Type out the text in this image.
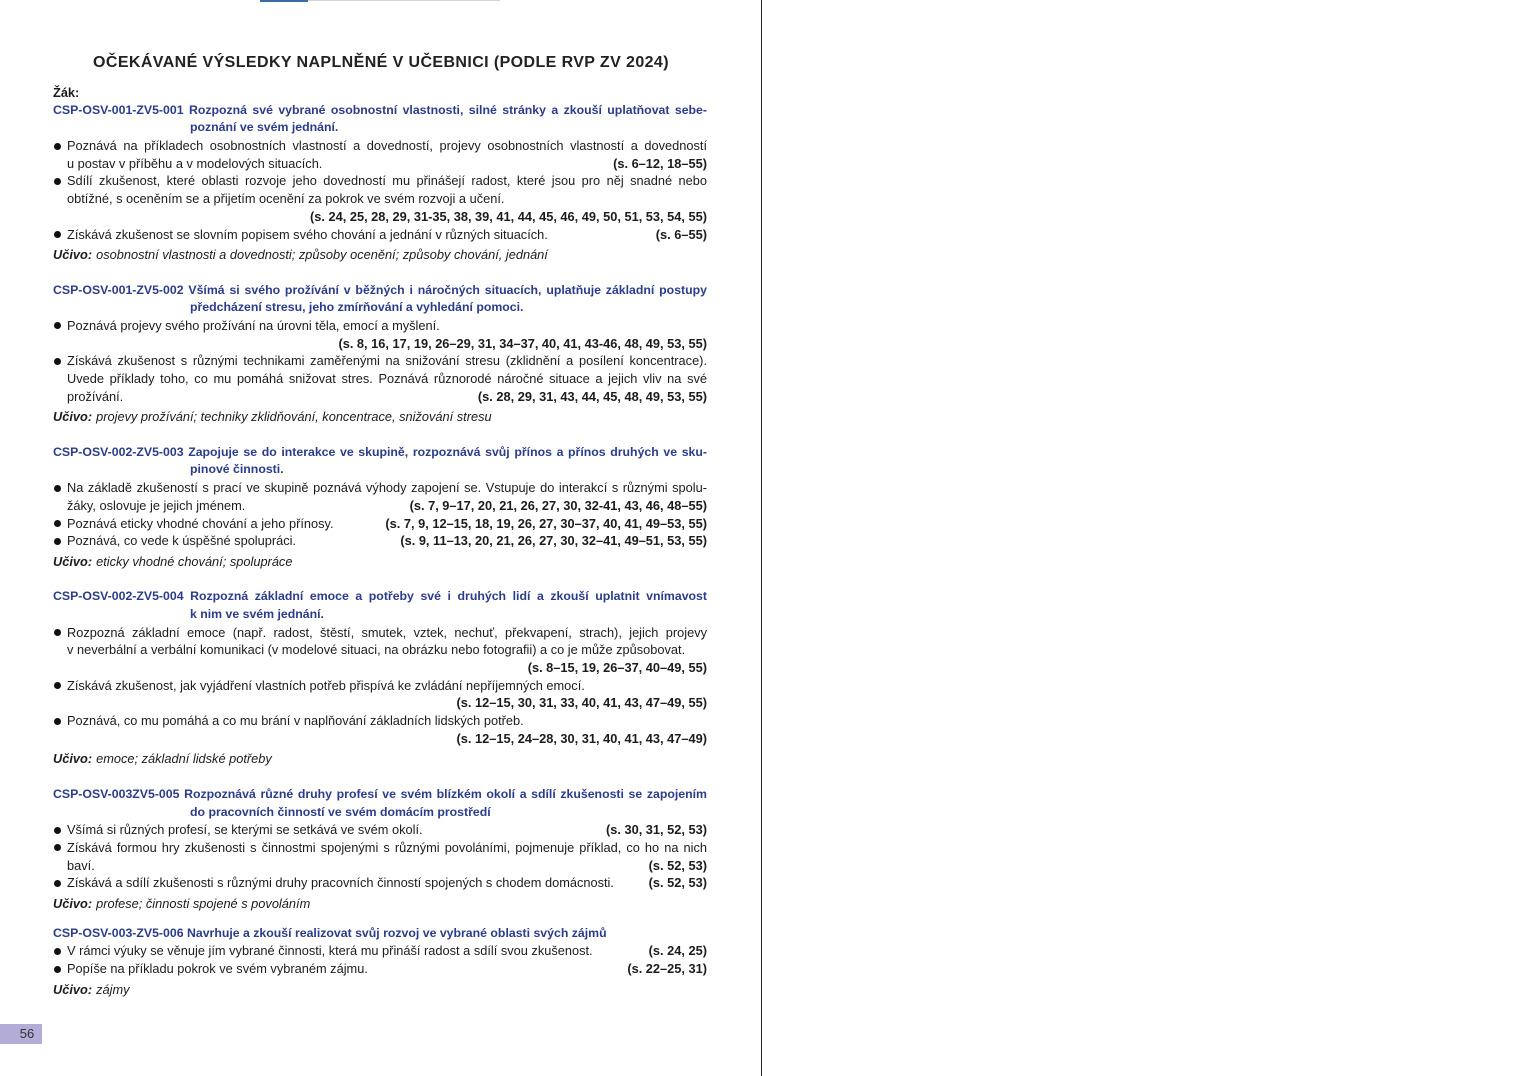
OČEKÁVANÉ VÝSLEDKY NAPLNĚNÉ V UČEBNICI (PODLE RVP ZV 2024)
Žák:
CSP-OSV-001-ZV5-001 Rozpozná své vybrané osobnostní vlastnosti, silné stránky a zkouší uplatňovat sebe-
poznání ve svém jednání.
Poznává na příkladech osobnostních vlastností a dovedností, projevy osobnostních vlastností a dovedností
u postav v příběhu a v modelových situacích.	(s. 6–12, 18–55)
Sdílí zkušenost, které oblasti rozvoje jeho dovedností mu přinášejí radost, které jsou pro něj snadné nebo
obtížné, s oceněním se a přijetím ocenění za pokrok ve svém rozvoji a učení.
(s. 24, 25, 28, 29, 31-35, 38, 39, 41, 44, 45, 46, 49, 50, 51, 53, 54, 55)
Získává zkušenost se slovním popisem svého chování a jednání v různých situacích.	(s. 6–55)
Učivo: osobnostní vlastnosti a dovednosti; způsoby ocenění; způsoby chování, jednání
CSP-OSV-001-ZV5-002 Všímá si svého prožívání v běžných i náročných situacích, uplatňuje základní postupy
předcházení stresu, jeho zmírňování a vyhledání pomoci.
Poznává projevy svého prožívání na úrovni těla, emocí a myšlení.
(s. 8, 16, 17, 19, 26–29, 31, 34–37, 40, 41, 43-46, 48, 49, 53, 55)
Získává zkušenost s různými technikami zaměřenými na snižování stresu (zklidnění a posílení koncentrace).
Uvede příklady toho, co mu pomáhá snižovat stres. Poznává různorodé náročné situace a jejich vliv na své
prožívání.	(s. 28, 29, 31, 43, 44, 45, 48, 49, 53, 55)
Učivo: projevy prožívání; techniky zklidňování, koncentrace, snižování stresu
CSP-OSV-002-ZV5-003 Zapojuje se do interakce ve skupině, rozpoznává svůj přínos a přínos druhých ve sku-
pinové činnosti.
Na základě zkušeností s prací ve skupině poznává výhody zapojení se. Vstupuje do interakcí s různými spolu-
žáky, oslovuje je jejich jménem.	(s. 7, 9–17, 20, 21, 26, 27, 30, 32-41, 43, 46, 48–55)
Poznává eticky vhodné chování a jeho přínosy.	(s. 7, 9, 12–15, 18, 19, 26, 27, 30–37, 40, 41, 49–53, 55)
Poznává, co vede k úspěšné spolupráci.	(s. 9, 11–13, 20, 21, 26, 27, 30, 32–41, 49–51, 53, 55)
Učivo: eticky vhodné chování; spolupráce
CSP-OSV-002-ZV5-004 Rozpozná základní emoce a potřeby své i druhých lidí a zkouší uplatnit vnímavost
k nim ve svém jednání.
Rozpozná základní emoce (např. radost, štěstí, smutek, vztek, nechuť, překvapení, strach), jejich projevy
v neverbální a verbální komunikaci (v modelové situaci, na obrázku nebo fotografii) a co je může způsobovat.
(s. 8–15, 19, 26–37, 40–49, 55)
Získává zkušenost, jak vyjádření vlastních potřeb přispívá ke zvládání nepříjemných emocí.
(s. 12–15, 30, 31, 33, 40, 41, 43, 47–49, 55)
Poznává, co mu pomáhá a co mu brání v naplňování základních lidských potřeb.
(s. 12–15, 24–28, 30, 31, 40, 41, 43, 47–49)
Učivo: emoce; základní lidské potřeby
CSP-OSV-003ZV5-005 Rozpoznává různé druhy profesí ve svém blízkém okolí a sdílí zkušenosti se zapojením
do pracovních činností ve svém domácím prostředí
Všímá si různých profesí, se kterými se setkává ve svém okolí.	(s. 30, 31, 52, 53)
Získává formou hry zkušenosti s činnostmi spojenými s různými povoláními, pojmenuje příklad, co ho na nich
baví.	(s. 52, 53)
Získává a sdílí zkušenosti s různými druhy pracovních činností spojených s chodem domácnosti.	(s. 52, 53)
Učivo: profese; činnosti spojené s povoláním
CSP-OSV-003-ZV5-006 Navrhuje a zkouší realizovat svůj rozvoj ve vybrané oblasti svých zájmů
V rámci výuky se věnuje jím vybrané činnosti, která mu přináší radost a sdílí svou zkušenost.	(s. 24, 25)
Popíše na příkladu pokrok ve svém vybraném zájmu.	(s. 22–25, 31)
Učivo: zájmy
56
